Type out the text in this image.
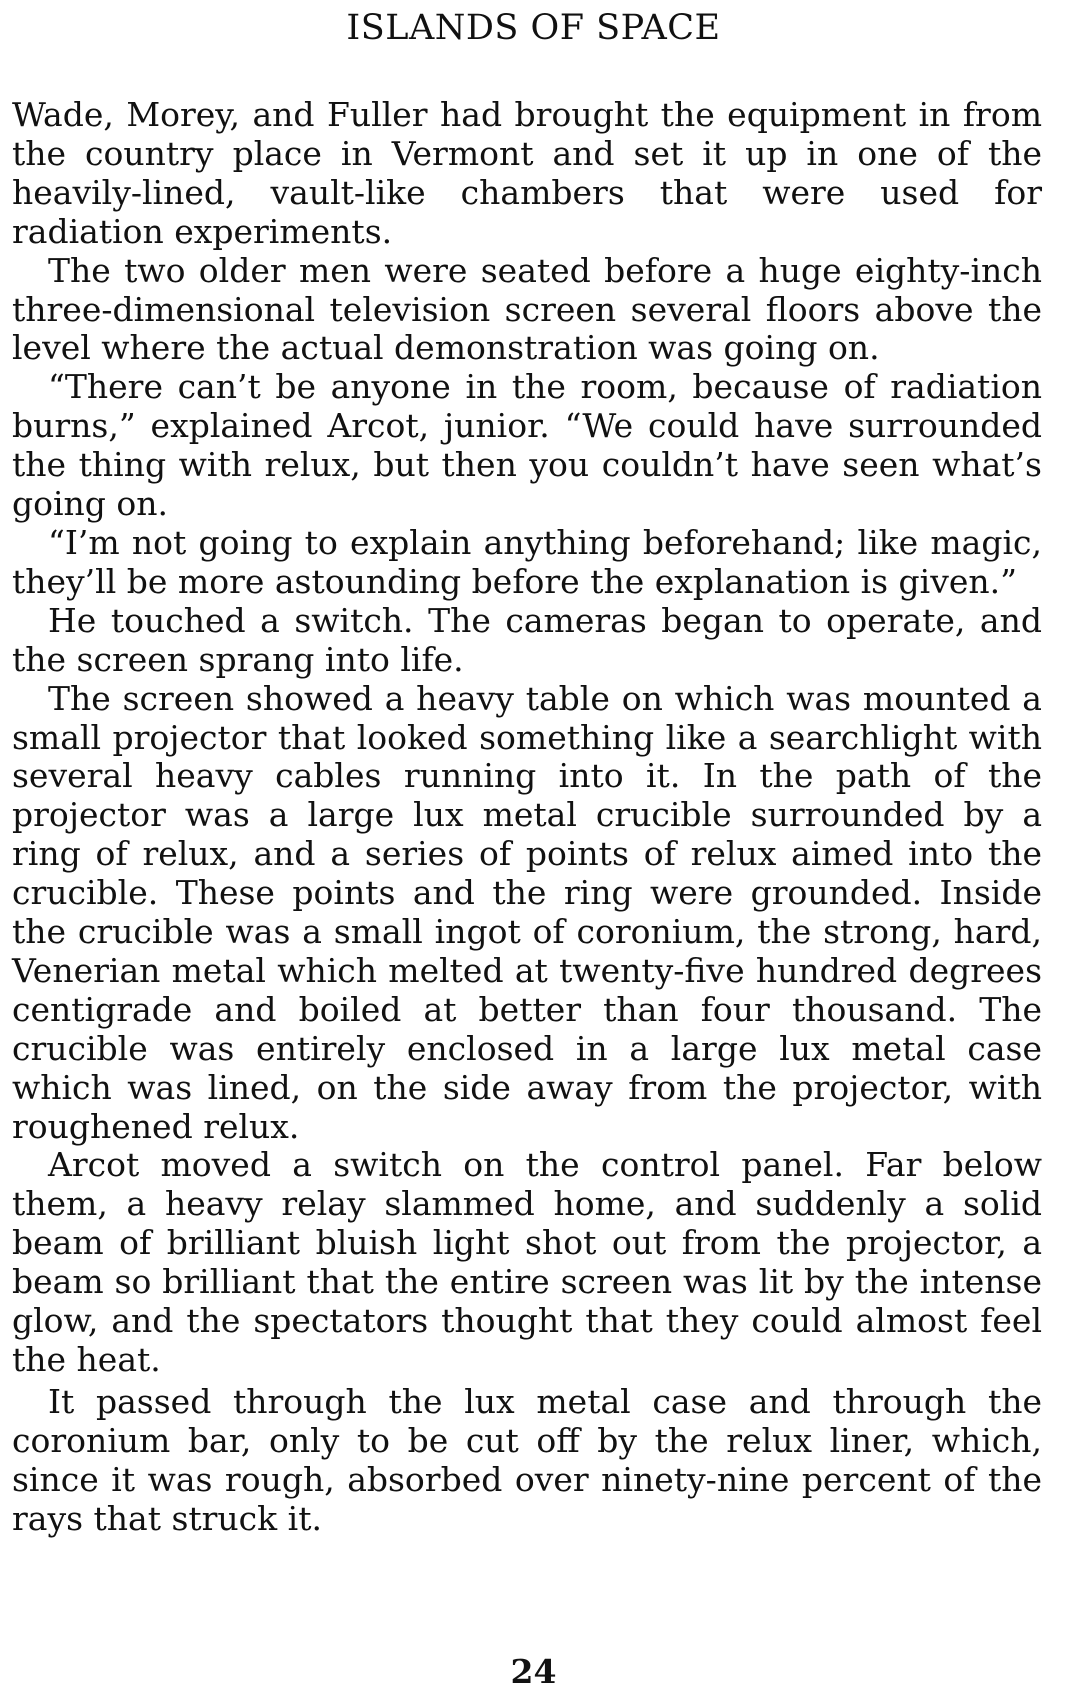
ISLANDS OF SPACE

Wade, Morey, and Fuller had brought the equipment in from the country place in Vermont and set it up in one of the heavily-lined, vault-like chambers that were used for radiation experiments.

The two older men were seated before a huge eighty-inch three-dimensional television screen several floors above the level where the actual demonstration was going on.

“There can’t be anyone in the room, because of radiation burns,” explained Arcot, junior. “We could have surrounded the thing with relux, but then you couldn’t have seen what’s going on.

“I’m not going to explain anything beforehand; like magic, they’ll be more astounding before the explanation is given.”

He touched a switch. The cameras began to operate, and the screen sprang into life.

The screen showed a heavy table on which was mounted a small projector that looked something like a searchlight with several heavy cables running into it. In the path of the projector was a large lux metal crucible surrounded by a ring of relux, and a series of points of relux aimed into the crucible. These points and the ring were grounded. Inside the crucible was a small ingot of coronium, the strong, hard, Venerian metal which melted at twenty-five hundred degrees centigrade and boiled at better than four thousand. The crucible was entirely enclosed in a large lux metal case which was lined, on the side away from the projector, with roughened relux.

Arcot moved a switch on the control panel. Far below them, a heavy relay slammed home, and suddenly a solid beam of brilliant bluish light shot out from the projector, a beam so brilliant that the entire screen was lit by the intense glow, and the spectators thought that they could almost feel the heat.

It passed through the lux metal case and through the coronium bar, only to be cut off by the relux liner, which, since it was rough, absorbed over ninety-nine percent of the rays that struck it.

24
